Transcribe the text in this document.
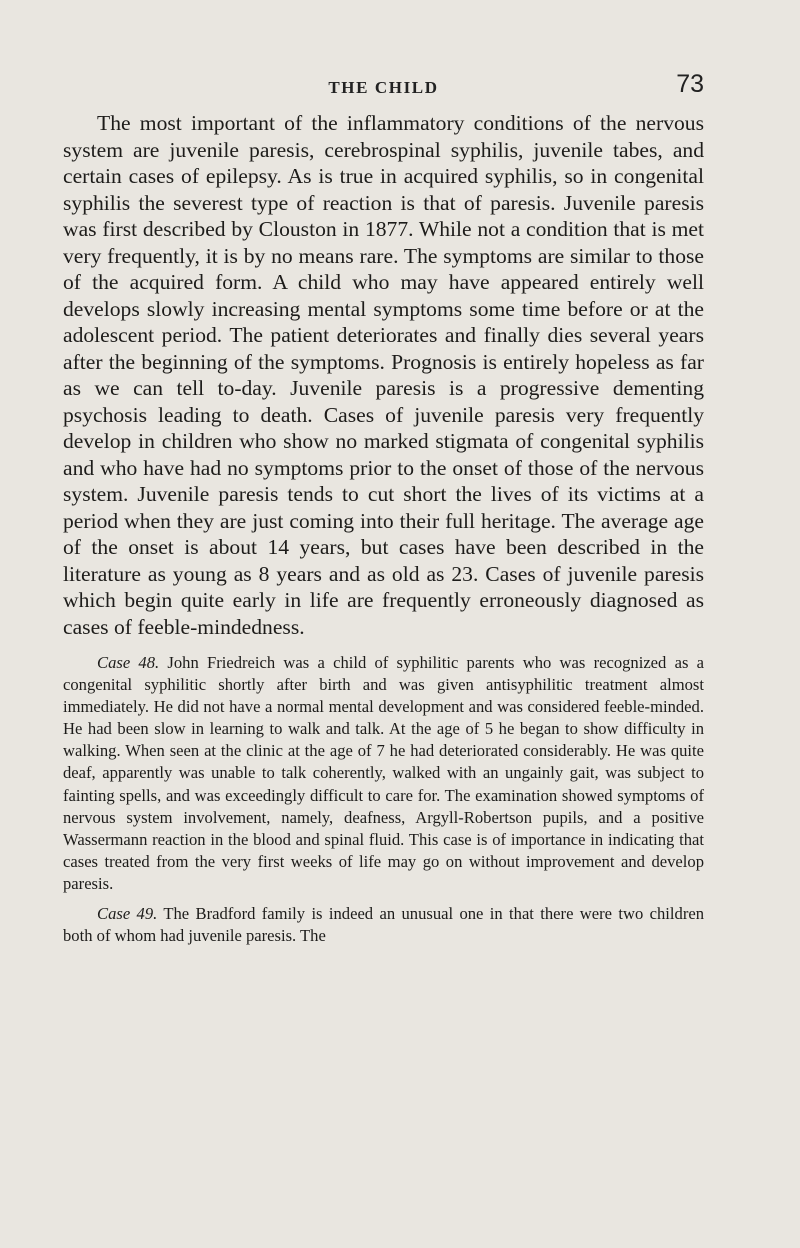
THE CHILD	73

The most important of the inflammatory conditions of the nervous system are juvenile paresis, cerebrospinal syphilis, juvenile tabes, and certain cases of epilepsy. As is true in acquired syphilis, so in congenital syphilis the severest type of reaction is that of paresis. Juvenile paresis was first described by Clouston in 1877. While not a condition that is met very frequently, it is by no means rare. The symptoms are similar to those of the acquired form. A child who may have appeared entirely well develops slowly increasing mental symptoms some time before or at the adolescent period. The patient deteriorates and finally dies several years after the beginning of the symptoms. Prognosis is entirely hopeless as far as we can tell to-day. Juvenile paresis is a progressive dementing psychosis leading to death. Cases of juvenile paresis very frequently develop in children who show no marked stigmata of congenital syphilis and who have had no symptoms prior to the onset of those of the nervous system. Juvenile paresis tends to cut short the lives of its victims at a period when they are just coming into their full heritage. The average age of the onset is about 14 years, but cases have been described in the literature as young as 8 years and as old as 23. Cases of juvenile paresis which begin quite early in life are frequently erroneously diagnosed as cases of feeble-mindedness.

Case 48. John Friedreich was a child of syphilitic parents who was recognized as a congenital syphilitic shortly after birth and was given antisyphilitic treatment almost immediately. He did not have a normal mental development and was considered feeble-minded. He had been slow in learning to walk and talk. At the age of 5 he began to show difficulty in walking. When seen at the clinic at the age of 7 he had deteriorated considerably. He was quite deaf, apparently was unable to talk coherently, walked with an ungainly gait, was subject to fainting spells, and was exceedingly difficult to care for. The examination showed symptoms of nervous system involvement, namely, deafness, Argyll-Robertson pupils, and a positive Wassermann reaction in the blood and spinal fluid. This case is of importance in indicating that cases treated from the very first weeks of life may go on without improvement and develop paresis.

Case 49. The Bradford family is indeed an unusual one in that there were two children both of whom had juvenile paresis. The
